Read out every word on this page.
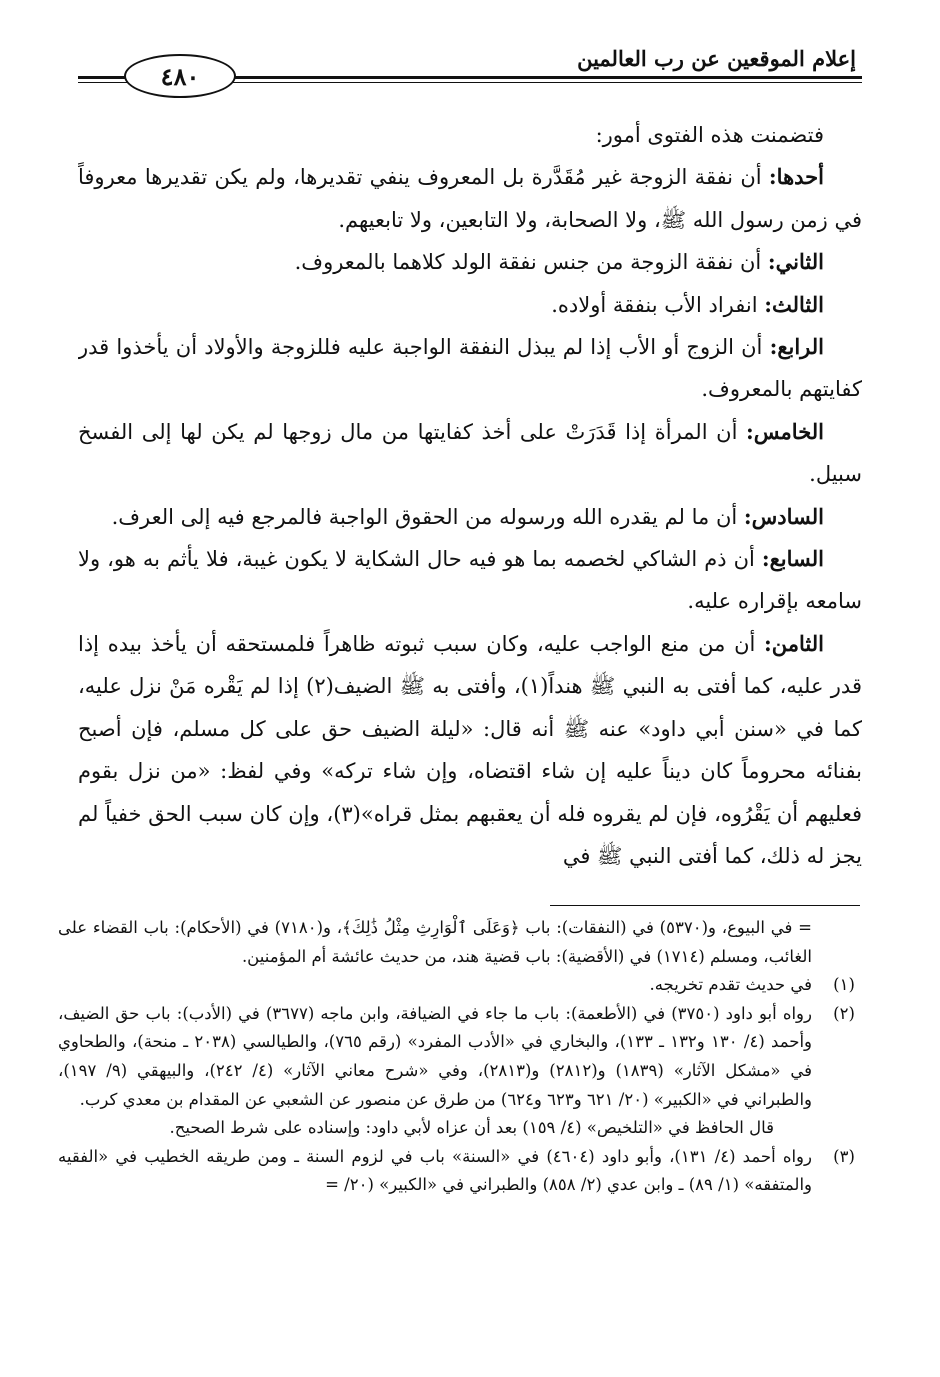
إعلام الموقعين عن رب العالمين
٤٨٠

فتضمنت هذه الفتوى أمور:

أحدها: أن نفقة الزوجة غير مُقَدَّرة بل المعروف ينفي تقديرها، ولم يكن تقديرها معروفاً في زمن رسول الله ﷺ، ولا الصحابة، ولا التابعين، ولا تابعيهم.

الثاني: أن نفقة الزوجة من جنس نفقة الولد كلاهما بالمعروف.

الثالث: انفراد الأب بنفقة أولاده.

الرابع: أن الزوج أو الأب إذا لم يبذل النفقة الواجبة عليه فللزوجة والأولاد أن يأخذوا قدر كفايتهم بالمعروف.

الخامس: أن المرأة إذا قَدَرَتْ على أخذ كفايتها من مال زوجها لم يكن لها إلى الفسخ سبيل.

السادس: أن ما لم يقدره الله ورسوله من الحقوق الواجبة فالمرجع فيه إلى العرف.

السابع: أن ذم الشاكي لخصمه بما هو فيه حال الشكاية لا يكون غيبة، فلا يأثم به هو، ولا سامعه بإقراره عليه.

الثامن: أن من منع الواجب عليه، وكان سبب ثبوته ظاهراً فلمستحقه أن يأخذ بيده إذا قدر عليه، كما أفتى به النبي ﷺ هنداً(١)، وأفتى به ﷺ الضيف(٢) إذا لم يَقْره مَنْ نزل عليه، كما في «سنن أبي داود» عنه ﷺ أنه قال: «ليلة الضيف حق على كل مسلم، فإن أصبح بفنائه محروماً كان ديناً عليه إن شاء اقتضاه، وإن شاء تركه» وفي لفظ: «من نزل بقوم فعليهم أن يَقْرُوه، فإن لم يقروه فله أن يعقبهم بمثل قراه»(٣)، وإن كان سبب الحق خفياً لم يجز له ذلك، كما أفتى النبي ﷺ في

= في البيوع، و(٥٣٧٠) في (النفقات): باب ﴿وَعَلَى ٱلْوَارِثِ مِثْلُ ذَٰلِكَ﴾، و(٧١٨٠) في (الأحكام): باب القضاء على الغائب، ومسلم (١٧١٤) في (الأقضية): باب قضية هند، من حديث عائشة أم المؤمنين.
(١)
في حديث تقدم تخريجه.
(٢)
رواه أبو داود (٣٧٥٠) في (الأطعمة): باب ما جاء في الضيافة، وابن ماجه (٣٦٧٧) في (الأدب): باب حق الضيف، وأحمد (٤/ ١٣٠ و١٣٢ ـ ١٣٣)، والبخاري في «الأدب المفرد» (رقم ٧٦٥)، والطيالسي (٢٠٣٨ ـ منحة)، والطحاوي في «مشكل الآثار» (١٨٣٩) و(٢٨١٢) و(٢٨١٣)، وفي «شرح معاني الآثار» (٤/ ٢٤٢)، والبيهقي (٩/ ١٩٧)، والطبراني في «الكبير» (٢٠/ ٦٢١ و٦٢٣ و٦٢٤) من طرق عن منصور عن الشعبي عن المقدام بن معدي كرب.
قال الحافظ في «التلخيص» (٤/ ١٥٩) بعد أن عزاه لأبي داود: وإسناده على شرط الصحيح.
(٣)
رواه أحمد (٤/ ١٣١)، وأبو داود (٤٦٠٤) في «السنة» باب في لزوم السنة ـ ومن طريقه الخطيب في «الفقيه والمتفقه» (١/ ٨٩) ـ وابن عدي (٢/ ٨٥٨) والطبراني في «الكبير» (٢٠/ =
